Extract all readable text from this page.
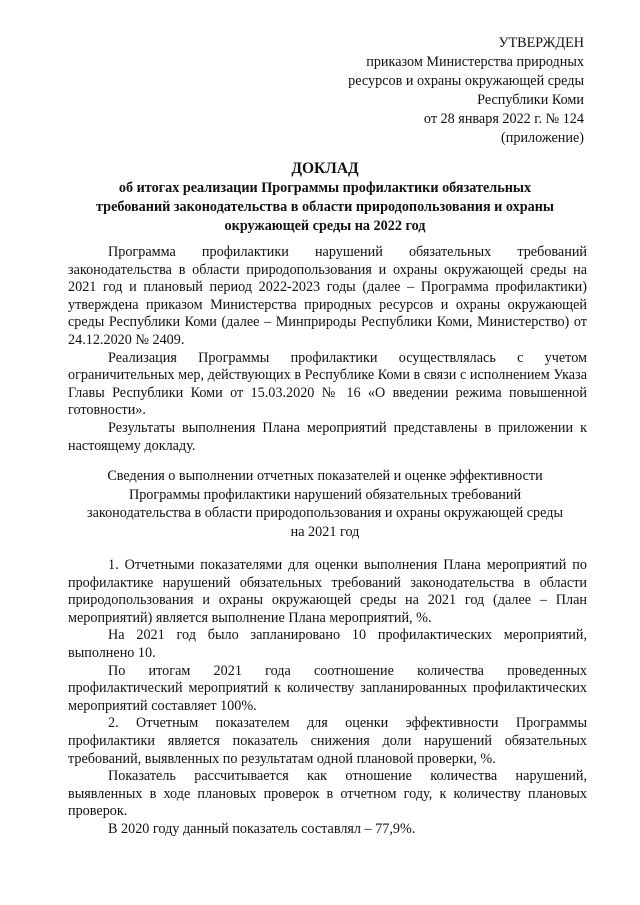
УТВЕРЖДЕН
приказом Министерства природных
ресурсов и охраны окружающей среды
Республики Коми
от 28 января 2022 г. № 124
(приложение)
ДОКЛАД
об итогах реализации Программы профилактики обязательных
требований законодательства в области природопользования и охраны
окружающей среды на 2022 год

Программа профилактики нарушений обязательных требований законодательства в области природопользования и охраны окружающей среды на 2021 год и плановый период 2022-2023 годы (далее – Программа профилактики) утверждена приказом Министерства природных ресурсов и охраны окружающей среды Республики Коми (далее – Минприроды Республики Коми, Министерство) от 24.12.2020 № 2409.

Реализация Программы профилактики осуществлялась с учетом ограничительных мер, действующих в Республике Коми в связи с исполнением Указа Главы Республики Коми от 15.03.2020 № 16 «О введении режима повышенной готовности».

Результаты выполнения Плана мероприятий представлены в приложении к настоящему докладу.

Сведения о выполнении отчетных показателей и оценке эффективности
Программы профилактики нарушений обязательных требований
законодательства в области природопользования и охраны окружающей среды
на 2021 год

1. Отчетными показателями для оценки выполнения Плана мероприятий по профилактике нарушений обязательных требований законодательства в области природопользования и охраны окружающей среды на 2021 год (далее – План мероприятий) является выполнение Плана мероприятий, %.

На 2021 год было запланировано 10 профилактических мероприятий, выполнено 10.

По итогам 2021 года соотношение количества проведенных профилактический мероприятий к количеству запланированных профилактических мероприятий составляет 100%.

2. Отчетным показателем для оценки эффективности Программы профилактики является показатель снижения доли нарушений обязательных требований, выявленных по результатам одной плановой проверки, %.

Показатель рассчитывается как отношение количества нарушений, выявленных в ходе плановых проверок в отчетном году, к количеству плановых проверок.

В 2020 году данный показатель составлял – 77,9%.
